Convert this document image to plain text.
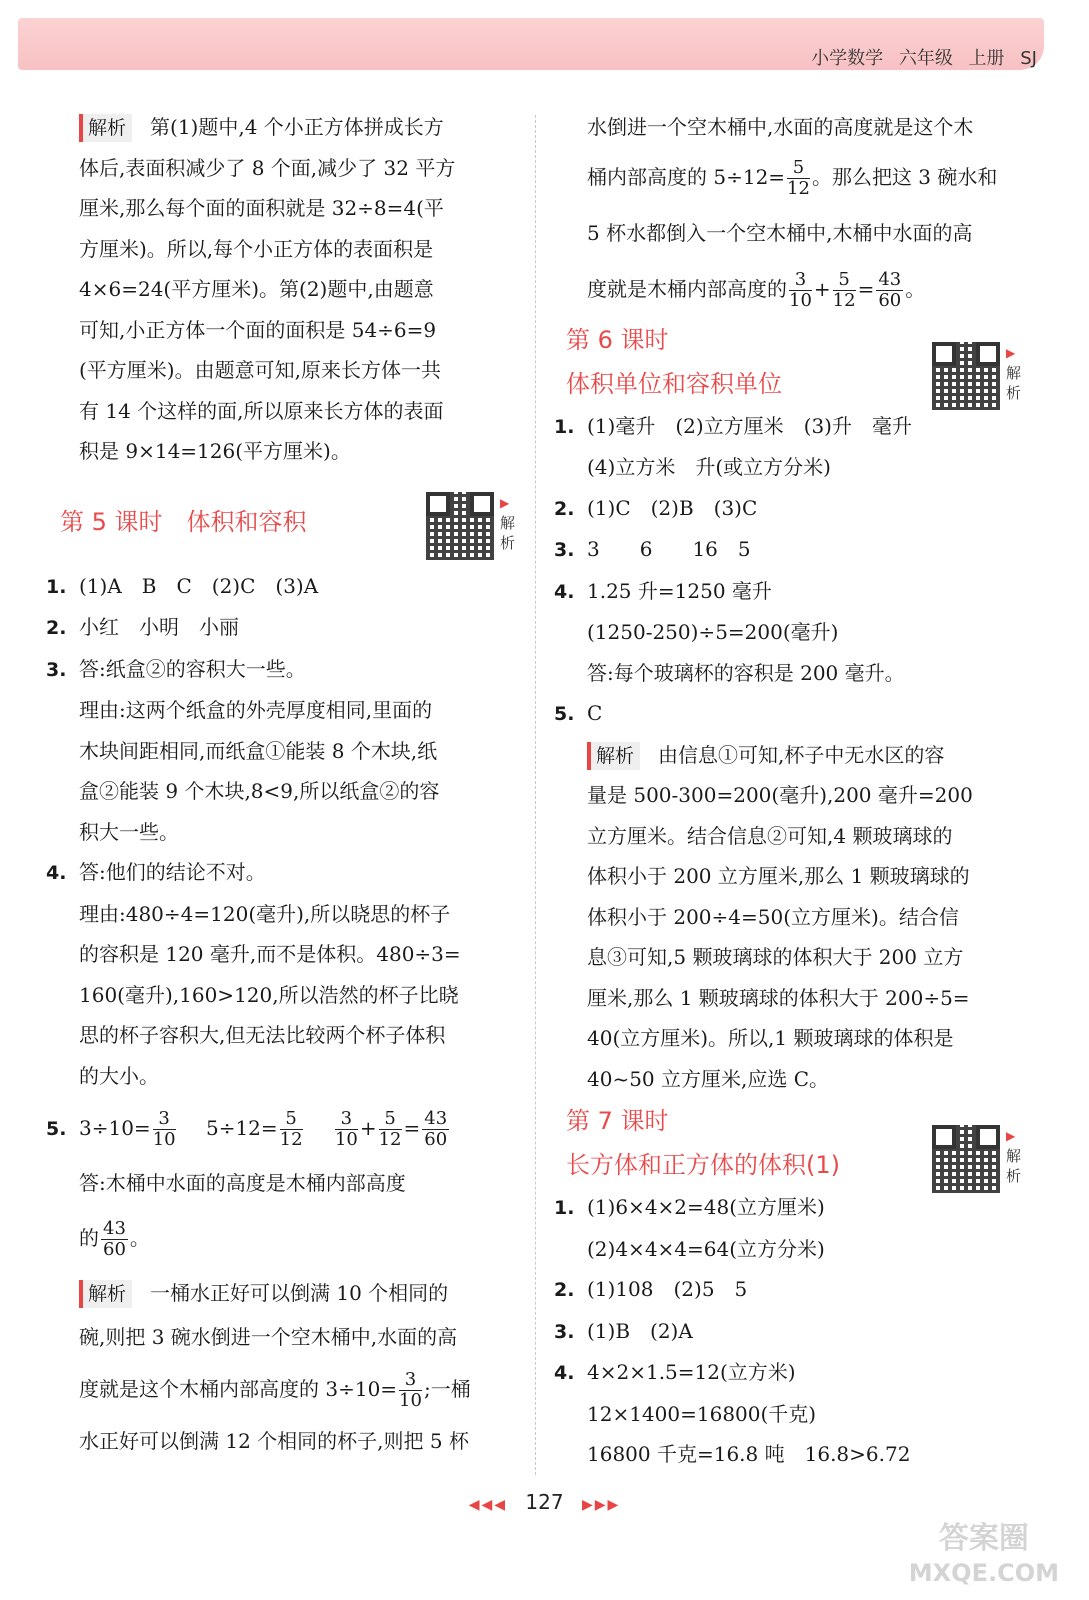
小学数学 六年级 上册 SJ
解析 第(1)题中,4 个小正方体拼成长方
体后,表面积减少了 8 个面,减少了 32 平方
厘米,那么每个面的面积就是 32÷8=4(平
方厘米)。所以,每个小正方体的表面积是
4×6=24(平方厘米)。第(2)题中,由题意
可知,小正方体一个面的面积是 54÷6=9
(平方厘米)。由题意可知,原来长方体一共
有 14 个这样的面,所以原来长方体的表面
积是 9×14=126(平方厘米)。
第 5 课时　体积和容积
1. (1)A　B　C　(2)C　(3)A
2. 小红　小明　小丽
3. 答:纸盒②的容积大一些。
理由:这两个纸盒的外壳厚度相同,里面的
木块间距相同,而纸盒①能装 8 个木块,纸
盒②能装 9 个木块,8<9,所以纸盒②的容
积大一些。
4. 答:他们的结论不对。
理由:480÷4=120(毫升),所以晓思的杯子
的容积是 120 毫升,而不是体积。480÷3=
160(毫升),160>120,所以浩然的杯子比晓
思的杯子容积大,但无法比较两个杯子体积
的大小。
5. $3\div 10= \frac{3}{10} 5\div 12= \frac{5}{12}$
$\frac{3}{10} + \frac{5}{12} = \frac{43}{60}$
答:木桶中水面的高度是木桶内部高度
的 $\frac{43}{60}$ 。
解析 一桶水正好可以倒满 10 个相同的
碗,则把 3 碗水倒进一个空木桶中,水面的高
度就是这个木桶内部高度的 $3\div 10= \frac{3}{10}$ ;一桶
水正好可以倒满 12 个相同的杯子,则把 5 杯
▶
解析
水倒进一个空木桶中,水面的高度就是这个木
桶内部高度的 $5\div 12= \frac{5}{12}$ 。那么把这 3 碗水和
5 杯水都倒入一个空木桶中,木桶中水面的高
度就是木桶内部高度的 $\frac{3}{10} + \frac{5}{12} = \frac{43}{60}$ 。
第 6 课时
体积单位和容积单位
1. (1)毫升　(2)立方厘米　(3)升　毫升
(4)立方米　升(或立方分米)
2. (1)C　(2)B　(3)C
3. 3　　6　　16　5
4. 1.25 升=1250 毫升
(1250-250)÷5=200(毫升)
答:每个玻璃杯的容积是 200 毫升。
5. C
解析 由信息①可知,杯子中无水区的容
量是 500-300=200(毫升),200 毫升=200
立方厘米。结合信息②可知,4 颗玻璃球的
体积小于 200 立方厘米,那么 1 颗玻璃球的
体积小于 200÷4=50(立方厘米)。结合信
息③可知,5 颗玻璃球的体积大于 200 立方
厘米,那么 1 颗玻璃球的体积大于 200÷5=
40(立方厘米)。所以,1 颗玻璃球的体积是
40~50 立方厘米,应选 C。
第 7 课时
长方体和正方体的体积(1)
1. (1)6×4×2=48(立方厘米)
(2)4×4×4=64(立方分米)
2. (1)108　(2)5　5
3. (1)B　(2)A
4. 4×2×1.5=12(立方米)
12×1400=16800(千克)
16800 千克=16.8 吨　16.8>6.72
▶
解析
▶
解析
◀◀◀ 127 ▶▶▶
答案圈
MXQE.COM
